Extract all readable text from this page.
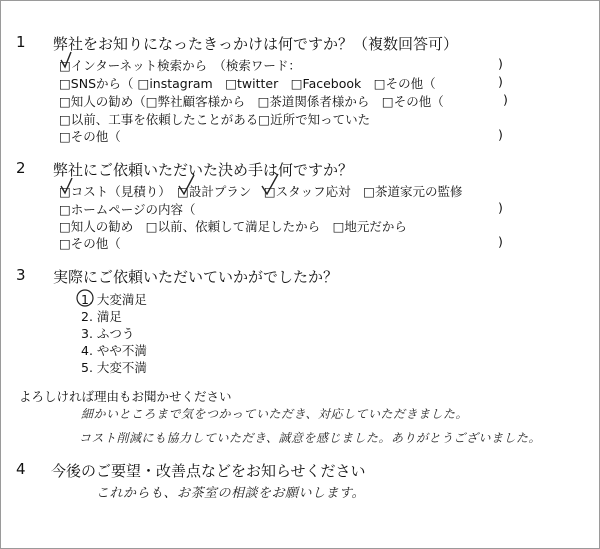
1 弊社をお知りになったきっかけは何ですか？（複数回答可）
□インターネット検索から　（検索ワード：	)
□SNSから（ □instagram　□twitter　□Facebook　□その他（	)
□知人の勧め（□弊社顧客様から　□茶道関係者様から　□その他（	)
□以前、工事を依頼したことがある□近所で知っていた
□その他（	)
2 弊社にご依頼いただいた決め手は何ですか？
□コスト（見積り）　□設計プラン　□スタッフ応対　□茶道家元の監修
□ホームページの内容（	)
□知人の勧め　□以前、依頼して満足したから　□地元だから
□その他（	)
3 実際にご依頼いただいていかがでしたか？
1. 大変満足
2. 満足
3. ふつう
4. やや不満
5. 大変不満
よろしければ理由もお聞かせください
細かいところまで気をつかっていただき、対応していただきました。
コスト削減にも協力していただき、誠意を感じました。ありがとうございました。
4 今後のご要望・改善点などをお知らせください
これからも、お茶室の相談をお願いします。
